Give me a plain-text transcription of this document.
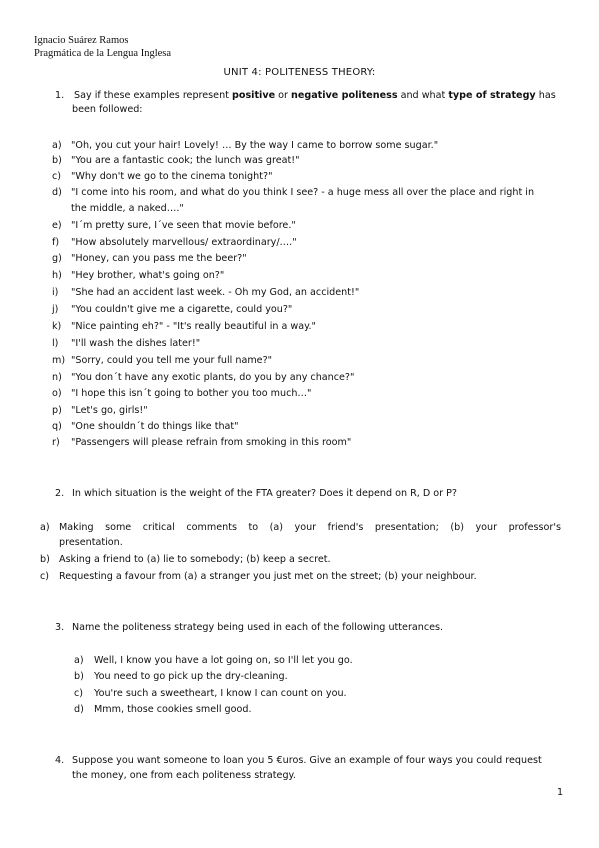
Ignacio Suárez Ramos
Pragmática de la Lengua Inglesa
UNIT 4: POLITENESS THEORY:
1. Say if these examples represent positive or negative politeness and what type of strategy has
been followed:
a) "Oh, you cut your hair! Lovely! … By the way I came to borrow some sugar."
b) "You are a fantastic cook; the lunch was great!"
c) "Why don't we go to the cinema tonight?"
d) "I come into his room, and what do you think I see? - a huge mess all over the place and right in
the middle, a naked…."
e) "I´m pretty sure, I´ve seen that movie before."
f) "How absolutely marvellous/ extraordinary/…."
g) "Honey, can you pass me the beer?"
h) "Hey brother, what's going on?"
i) "She had an accident last week. - Oh my God, an accident!"
j) "You couldn't give me a cigarette, could you?"
k) "Nice painting eh?" - "It's really beautiful in a way."
l) "I'll wash the dishes later!"
m) "Sorry, could you tell me your full name?"
n) "You don´t have any exotic plants, do you by any chance?"
o) "I hope this isn´t going to bother you too much…"
p) "Let's go, girls!"
q) "One shouldn´t do things like that"
r) "Passengers will please refrain from smoking in this room"
2. In which situation is the weight of the FTA greater? Does it depend on R, D or P?
a) Making some critical comments to (a) your friend's presentation; (b) your professor's
presentation.
b) Asking a friend to (a) lie to somebody; (b) keep a secret.
c) Requesting a favour from (a) a stranger you just met on the street; (b) your neighbour.
3. Name the politeness strategy being used in each of the following utterances.
a) Well, I know you have a lot going on, so I'll let you go.
b) You need to go pick up the dry-cleaning.
c) You're such a sweetheart, I know I can count on you.
d) Mmm, those cookies smell good.
4. Suppose you want someone to loan you 5 €uros. Give an example of four ways you could request
the money, one from each politeness strategy.
1
